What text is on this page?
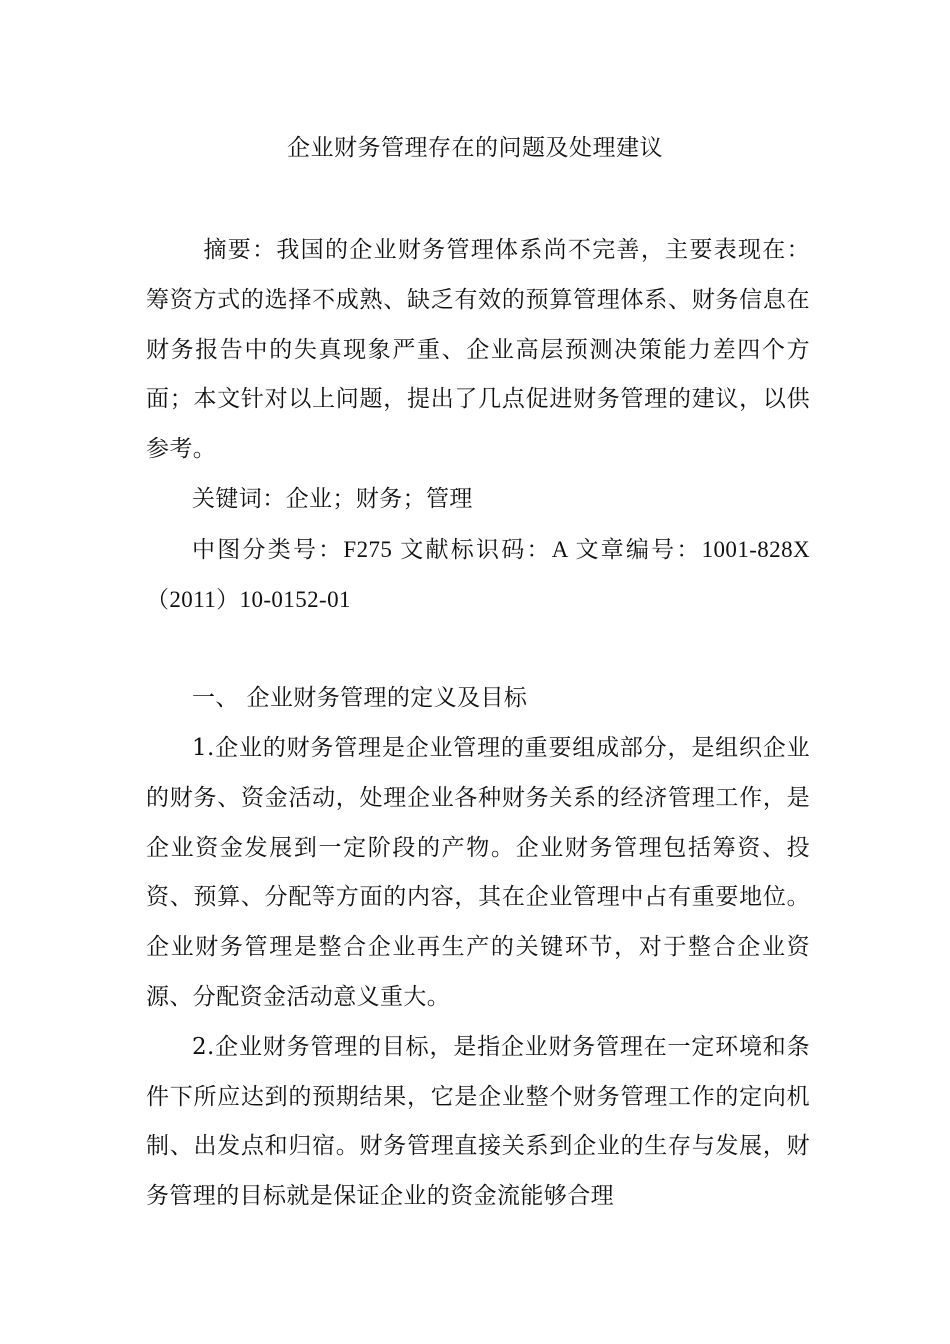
企业财务管理存在的问题及处理建议

摘要：我国的企业财务管理体系尚不完善，主要表现在：筹资方式的选择不成熟、缺乏有效的预算管理体系、财务信息在财务报告中的失真现象严重、企业高层预测决策能力差四个方面；本文针对以上问题，提出了几点促进财务管理的建议，以供参考。

关键词：企业；财务；管理

中图分类号：F275 文献标识码：A 文章编号：1001-828X（2011）10-0152-01

一、 企业财务管理的定义及目标

1.企业的财务管理是企业管理的重要组成部分，是组织企业的财务、资金活动，处理企业各种财务关系的经济管理工作，是企业资金发展到一定阶段的产物。企业财务管理包括筹资、投资、预算、分配等方面的内容，其在企业管理中占有重要地位。企业财务管理是整合企业再生产的关键环节，对于整合企业资源、分配资金活动意义重大。

2.企业财务管理的目标，是指企业财务管理在一定环境和条件下所应达到的预期结果，它是企业整个财务管理工作的定向机制、出发点和归宿。财务管理直接关系到企业的生存与发展，财务管理的目标就是保证企业的资金流能够合理
